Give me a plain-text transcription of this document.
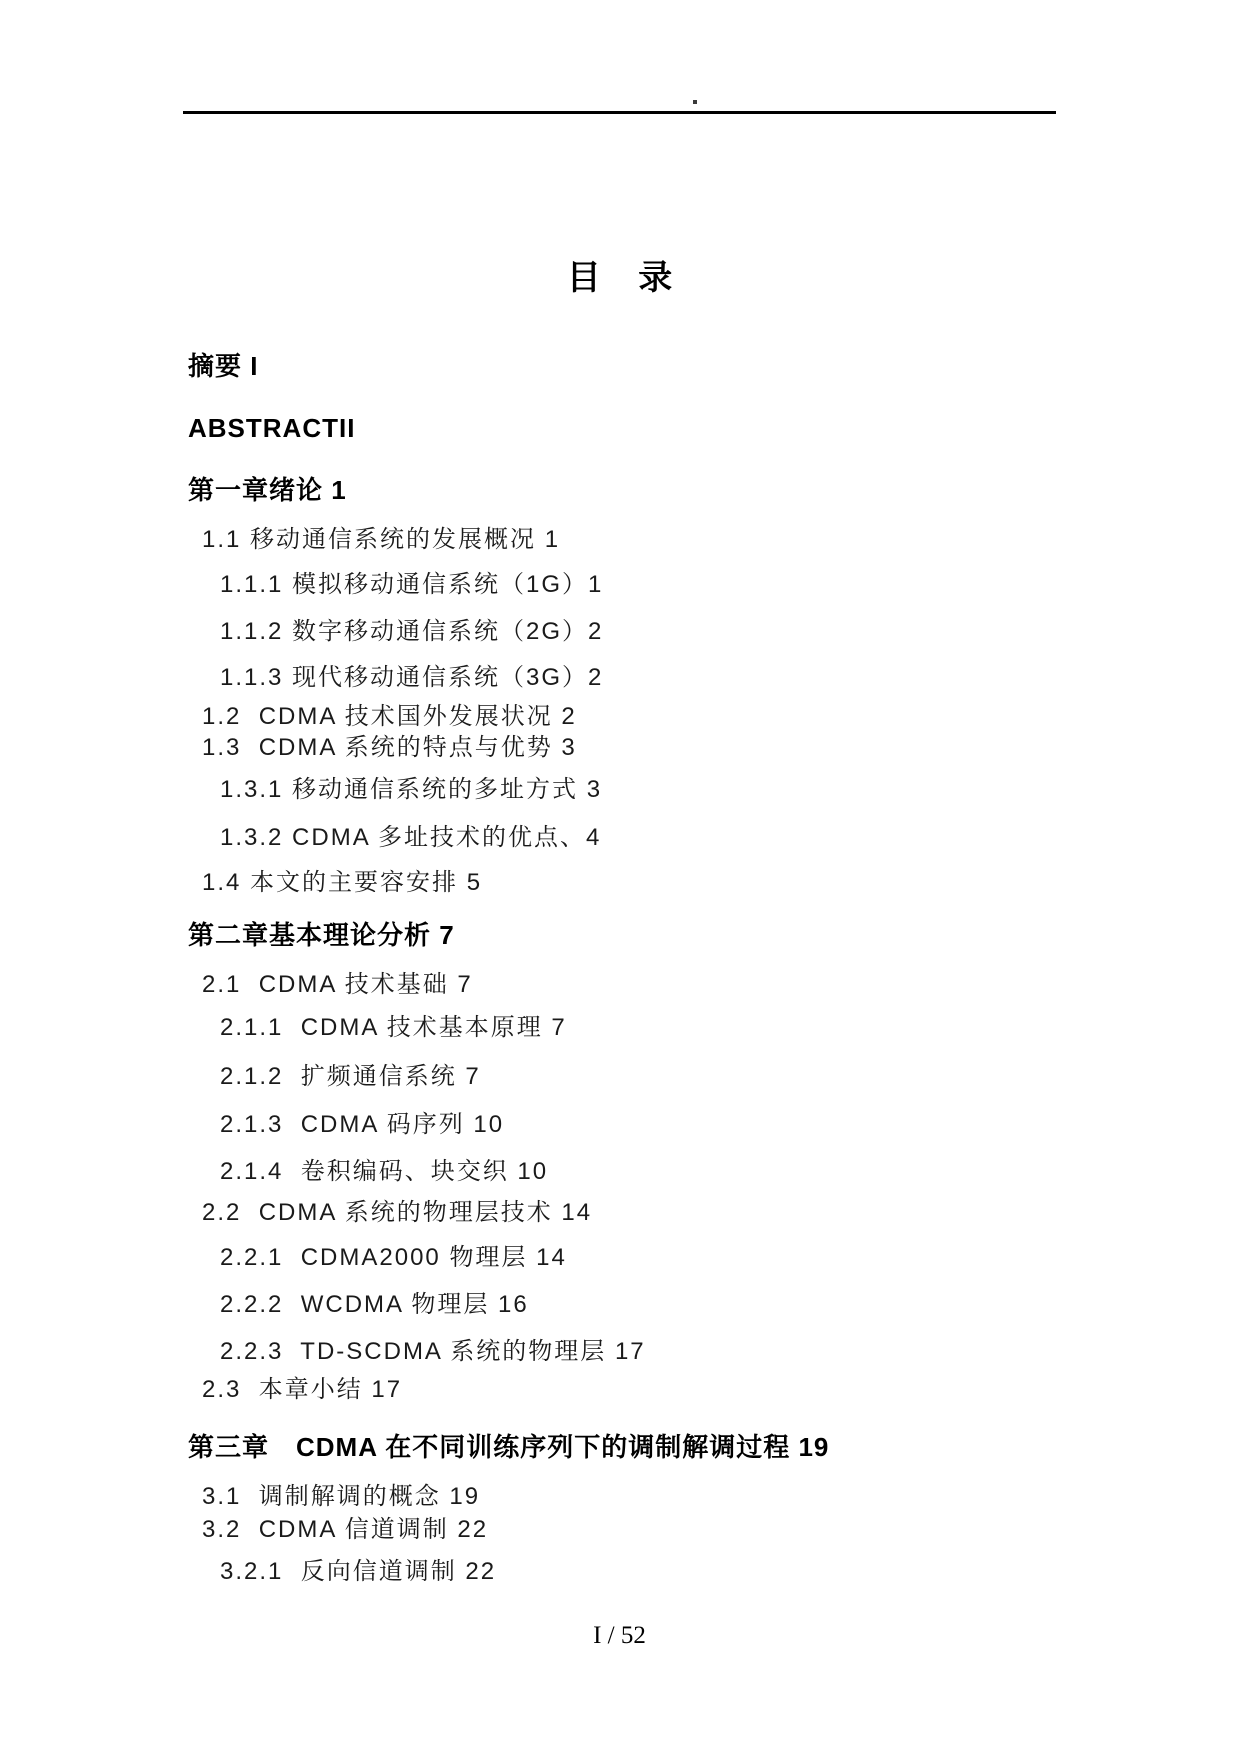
目 录
摘要 I
ABSTRACTII
第一章绪论 1
1.1 移动通信系统的发展概况 1
1.1.1 模拟移动通信系统（1G）1
1.1.2 数字移动通信系统（2G）2
1.1.3 现代移动通信系统（3G）2
1.2  CDMA 技术国外发展状况 2
1.3  CDMA 系统的特点与优势 3
1.3.1 移动通信系统的多址方式 3
1.3.2 CDMA 多址技术的优点、4
1.4 本文的主要容安排 5
第二章基本理论分析 7
2.1  CDMA 技术基础 7
2.1.1  CDMA 技术基本原理 7
2.1.2  扩频通信系统 7
2.1.3  CDMA 码序列 10
2.1.4  卷积编码、块交织 10
2.2  CDMA 系统的物理层技术 14
2.2.1  CDMA2000 物理层 14
2.2.2  WCDMA 物理层 16
2.2.3  TD-SCDMA 系统的物理层 17
2.3  本章小结 17
第三章　CDMA 在不同训练序列下的调制解调过程 19
3.1  调制解调的概念 19
3.2  CDMA 信道调制 22
3.2.1  反向信道调制 22
I / 52
